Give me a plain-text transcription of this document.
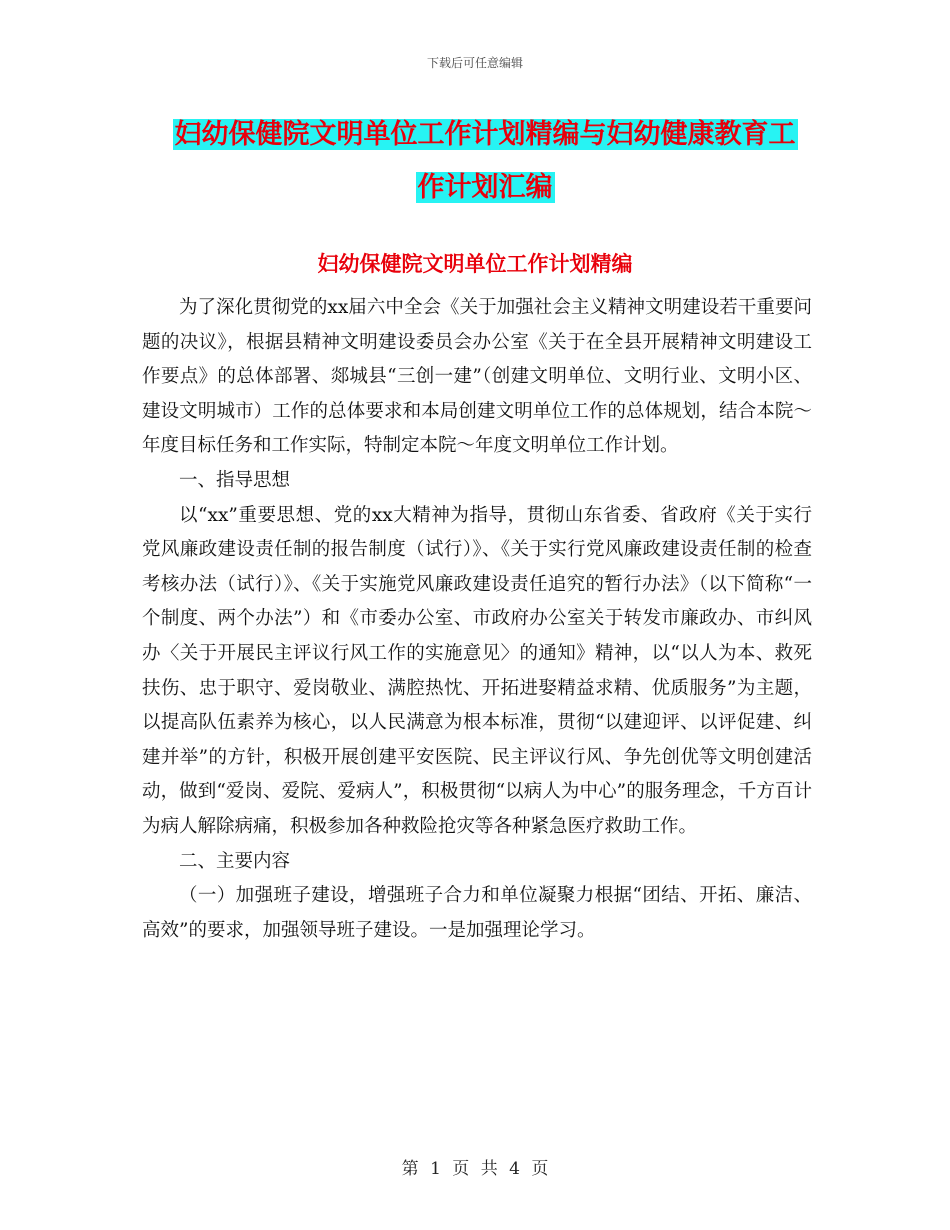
下载后可任意编辑
妇幼保健院文明单位工作计划精编与妇幼健康教育工
作计划汇编
妇幼保健院文明单位工作计划精编

为了深化贯彻党的xx届六中全会《关于加强社会主义精神文明建设若干重要问题的决议》，根据县精神文明建设委员会办公室《关于在全县开展精神文明建设工作要点》的总体部署、郯城县“三创一建”（创建文明单位、文明行业、文明小区、建设文明城市）工作的总体要求和本局创建文明单位工作的总体规划，结合本院～年度目标任务和工作实际，特制定本院～年度文明单位工作计划。

一、指导思想

以“xx”重要思想、党的xx大精神为指导，贯彻山东省委、省政府《关于实行党风廉政建设责任制的报告制度（试行）》、《关于实行党风廉政建设责任制的检查考核办法（试行）》、《关于实施党风廉政建设责任追究的暂行办法》（以下简称“一个制度、两个办法”）和《市委办公室、市政府办公室关于转发市廉政办、市纠风办〈关于开展民主评议行风工作的实施意见〉的通知》精神，以“以人为本、救死扶伤、忠于职守、爱岗敬业、满腔热忱、开拓进娶精益求精、优质服务”为主题，以提高队伍素养为核心，以人民满意为根本标准，贯彻“以建迎评、以评促建、纠建并举”的方针，积极开展创建平安医院、民主评议行风、争先创优等文明创建活动，做到“爱岗、爱院、爱病人”，积极贯彻“以病人为中心”的服务理念，千方百计为病人解除病痛，积极参加各种救险抢灾等各种紧急医疗救助工作。

二、主要内容

（一）加强班子建设，增强班子合力和单位凝聚力根据“团结、开拓、廉洁、高效”的要求，加强领导班子建设。一是加强理论学习。

第 1 页 共 4 页
